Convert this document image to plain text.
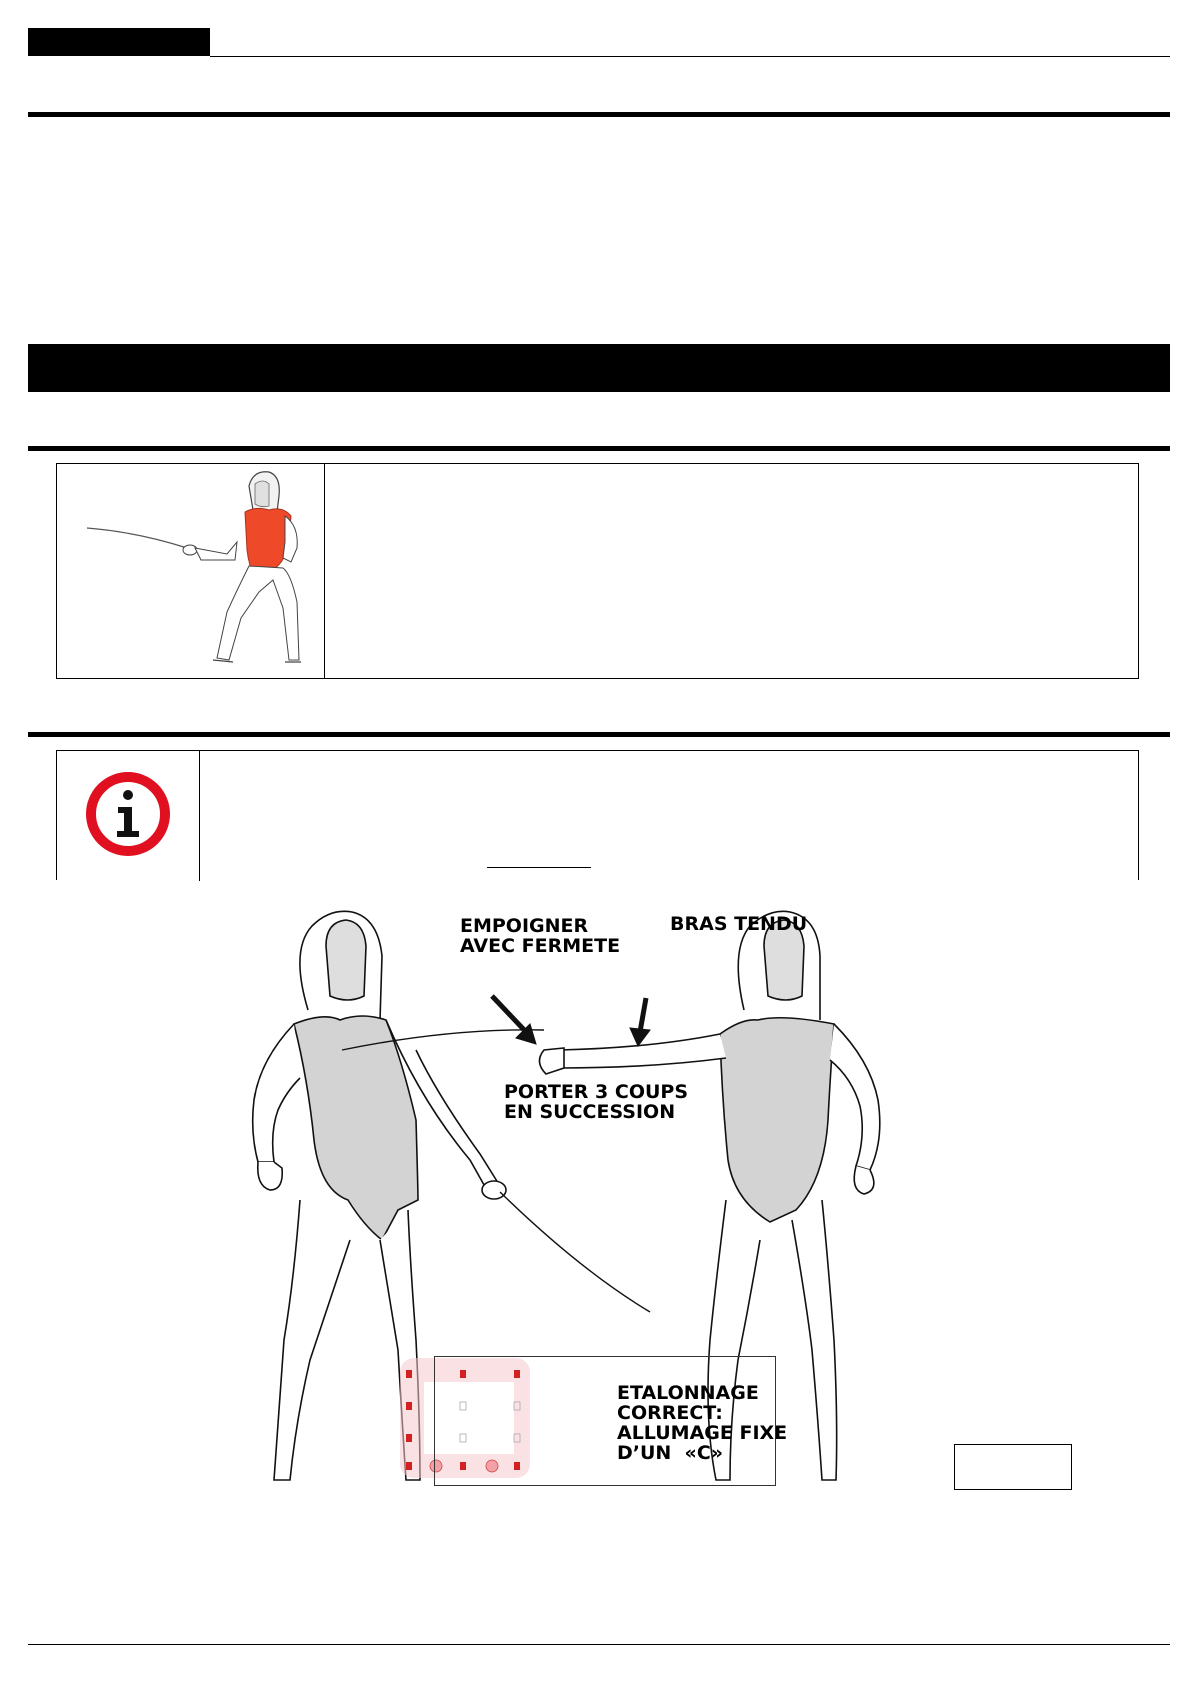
EMPOIGNER
AVEC FERMETE
BRAS TENDU
PORTER 3 COUPS
EN SUCCESSION
ETALONNAGE
CORRECT:
ALLUMAGE FIXE
D’UN  «C»
